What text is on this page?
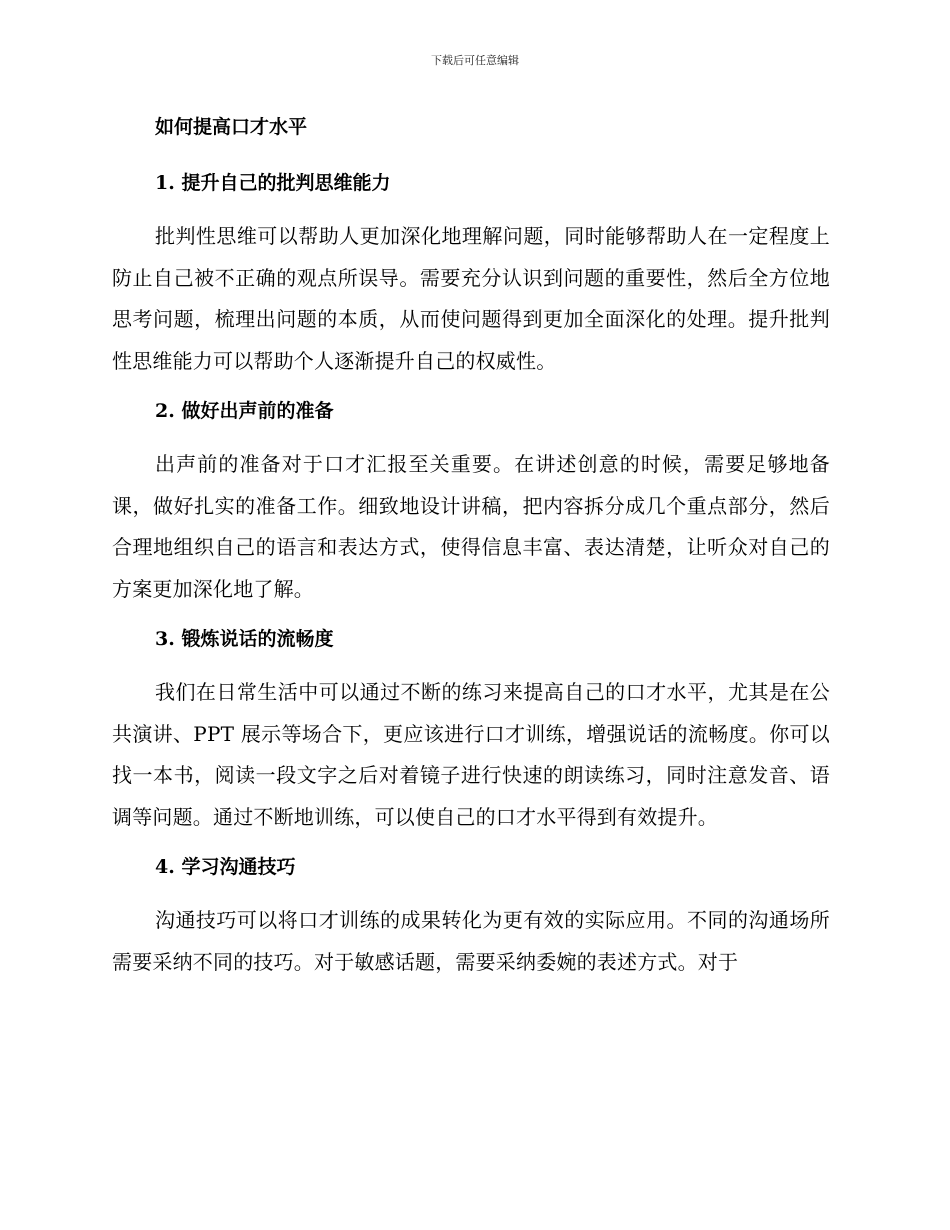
下载后可任意编辑
如何提高口才水平
1. 提升自己的批判思维能力

批判性思维可以帮助人更加深化地理解问题，同时能够帮助人在一定程度上防止自己被不正确的观点所误导。需要充分认识到问题的重要性，然后全方位地思考问题，梳理出问题的本质，从而使问题得到更加全面深化的处理。提升批判性思维能力可以帮助个人逐渐提升自己的权威性。

2. 做好出声前的准备

出声前的准备对于口才汇报至关重要。在讲述创意的时候，需要足够地备课，做好扎实的准备工作。细致地设计讲稿，把内容拆分成几个重点部分，然后合理地组织自己的语言和表达方式，使得信息丰富、表达清楚，让听众对自己的方案更加深化地了解。

3. 锻炼说话的流畅度

我们在日常生活中可以通过不断的练习来提高自己的口才水平，尤其是在公共演讲、PPT 展示等场合下，更应该进行口才训练，增强说话的流畅度。你可以找一本书，阅读一段文字之后对着镜子进行快速的朗读练习，同时注意发音、语调等问题。通过不断地训练，可以使自己的口才水平得到有效提升。

4. 学习沟通技巧

沟通技巧可以将口才训练的成果转化为更有效的实际应用。不同的沟通场所需要采纳不同的技巧。对于敏感话题，需要采纳委婉的表述方式。对于
